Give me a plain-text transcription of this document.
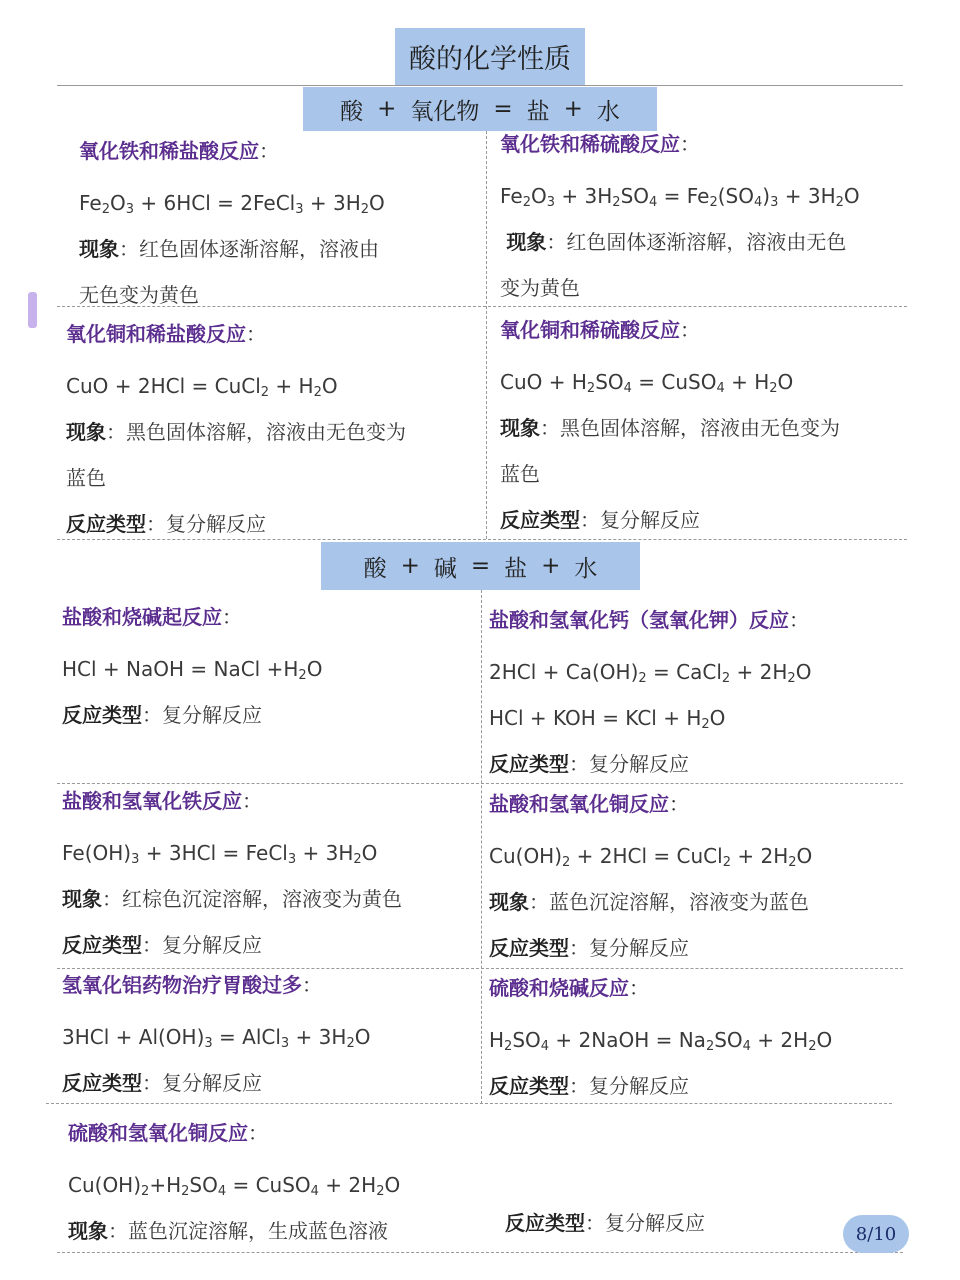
酸的化学性质
酸 + 氧化物 = 盐 + 水
氧化铁和稀盐酸反应：
$Fe_2O_3 + 6HCl$ = 2FeCl$_3$ + $3H_2O$
现象：红色固体逐渐溶解，溶液由
无色变为黄色
氧化铁和稀硫酸反应：
$Fe_2O_3 + 3H_2SO_4 = Fe_2(SO_4)_3 + 3H_2O$
现象：红色固体逐渐溶解，溶液由无色
变为黄色
氧化铜和稀盐酸反应：
CuO + 2HCl = CuCl$_2$ + $H_2O$
现象：黑色固体溶解，溶液由无色变为
蓝色
反应类型：复分解反应
氧化铜和稀硫酸反应：
CuO + $H_2SO_4$ = CuSO$_4$ + $H_2O$
现象：黑色固体溶解，溶液由无色变为
蓝色
反应类型：复分解反应
酸 + 碱 = 盐 + 水
盐酸和烧碱起反应：
HCl + NaOH = NaCl $+H_2O$
反应类型：复分解反应
盐酸和氢氧化钙（氢氧化钾）反应：
$2HCl + Ca(OH)_2$ = CaCl$_2$ + $2H_2O$
HCl + KOH = KCl + $H_2O$
反应类型：复分解反应
盐酸和氢氧化铁反应：
$Fe(OH)_3 + 3HCl$ = FeCl$_3$ + $3H_2O$
现象：红棕色沉淀溶解，溶液变为黄色
反应类型：复分解反应
盐酸和氢氧化铜反应：
$Cu(OH)_2 + 2HCl$ = CuCl$_2$ + $2H_2O$
现象：蓝色沉淀溶解，溶液变为蓝色
反应类型：复分解反应
氢氧化铝药物治疗胃酸过多：
$3HCl + Al(OH)_3$ = AlCl$_3$ + $3H_2O$
反应类型：复分解反应
硫酸和烧碱反应：
$H_2SO_4$ + 2NaOH = $Na_2SO_4 + 2H_2O$
反应类型：复分解反应
硫酸和氢氧化铜反应：
$Cu(OH)_2+H_2SO_4$ = CuSO$_4$ + $2H_2O$
现象：蓝色沉淀溶解，生成蓝色溶液	反应类型：复分解反应	8/10
